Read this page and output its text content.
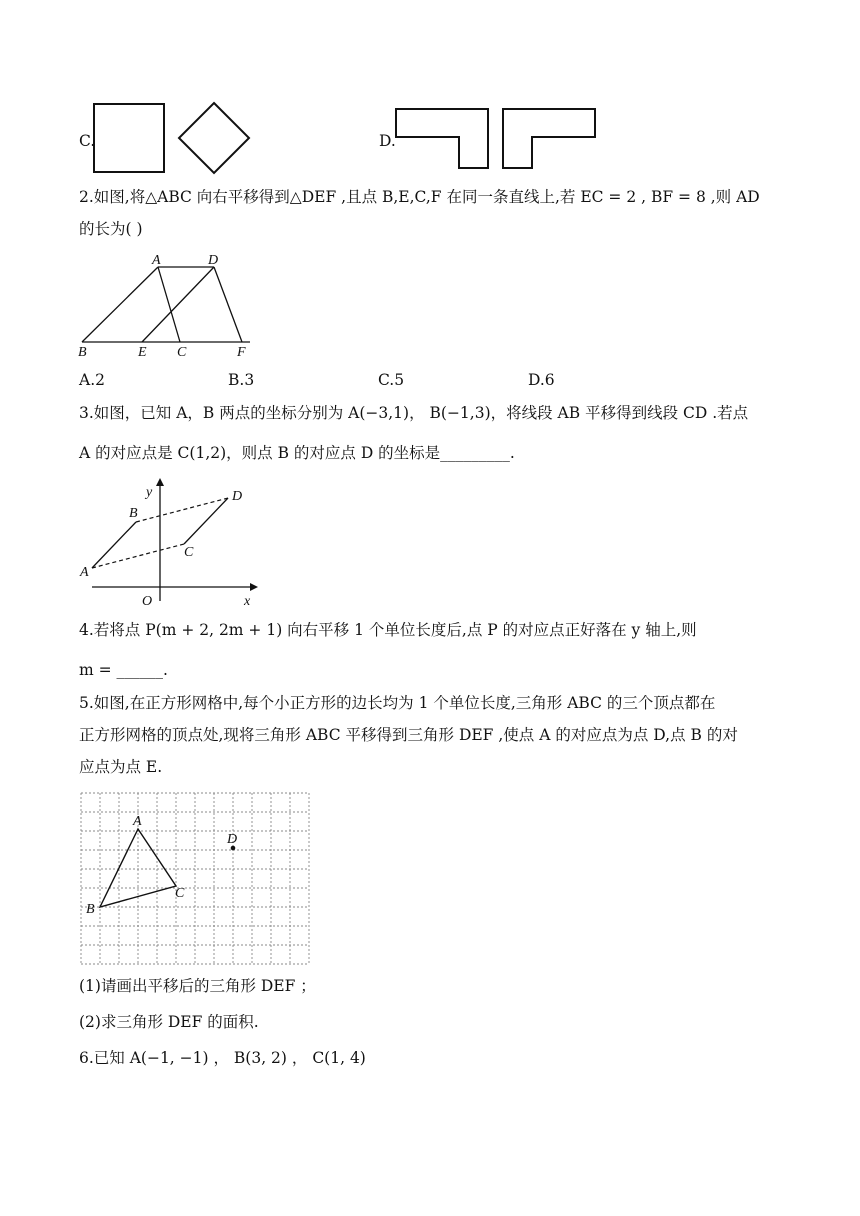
C.	D.
2.如图,将△ABC 向右平移得到△DEF ,且点 B,E,C,F 在同一条直线上,若 EC = 2 , BF = 8 ,则 AD
的长为( )
A	D
B	E C	F
A.2	B.3	C.5	D.6
3.如图，已知 A，B 两点的坐标分别为 A(−3,1)， B(−1,3)，将线段 AB 平移得到线段 CD .若点
A 的对应点是 C(1,2)，则点 B 的对应点 D 的坐标是_________.
y	D
B
C
A
O	x
4.若将点 P(m + 2, 2m + 1) 向右平移 1 个单位长度后,点 P 的对应点正好落在 y 轴上,则
m = ______.
5.如图,在正方形网格中,每个小正方形的边长均为 1 个单位长度,三角形 ABC 的三个顶点都在
正方形网格的顶点处,现将三角形 ABC 平移得到三角形 DEF ,使点 A 的对应点为点 D,点 B 的对
应点为点 E.
A
D
B
C
(1)请画出平移后的三角形 DEF ；
(2)求三角形 DEF 的面积.
6.已知 A(−1, −1) ， B(3, 2) ， C(1, 4)
